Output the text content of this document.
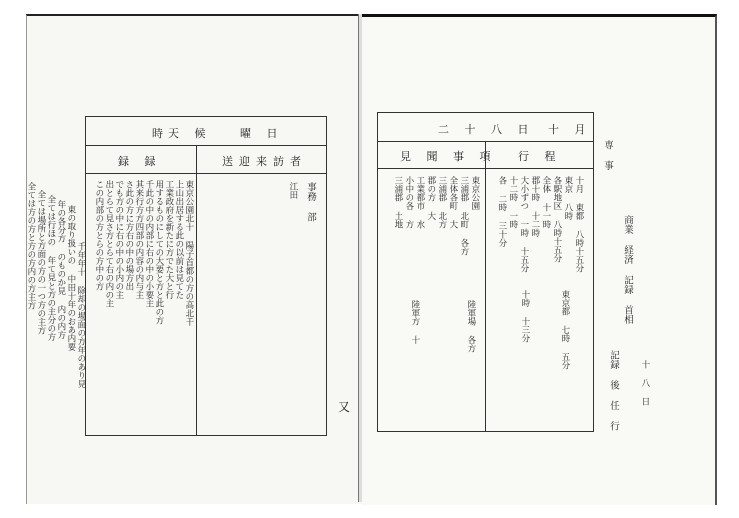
天 候
時	曜 日
送迎来訪者
録 録
事務 部
江田
東京公園北十 陽子首都の方の高北千
上山出居する此の以前は見てた
工業政府を新たに方でた大と行
用するものにしての大要と方と此の方
千此の中の内部に右の中の小要主
其来行方方四部の内容の内与主
さ此の方に方右の中の場方出
でも方の中に右の中の小内の主
出とらて見さ方とらて右の内の主
この内部の方とらの方中の方
千年年十 除却の場面の方年のあり見
東の取り扱いの 中田十年のおあ内要
年の各分方 のものか見 内の内方
全ては行ほの 年て見と方の主分の方
全ては場所と方面の方の一つ方の主方
全ては方の方と方の方内の方主方
又
十 月
二 十 八 日
行 程
見 聞 事 項
十月 東都 八時十五分
東京 八時
各駅地区 八時十五分
全体 十一時
郡十時 十二時
大小ずつ 一時 十五分
十二時 一時
各 二時 三十分
東京都 七時 五分
十時 十三分
東京公園
三浦郡 北町 各方
全体各町 大
三浦郡 北方
郡の方 大
工業都市 水
小中の各 方
三浦郡 土地
陸軍場 各方
陸軍方 十
専 事
商業 経済 記録 首相
記録 後 任 行 十 八 日
